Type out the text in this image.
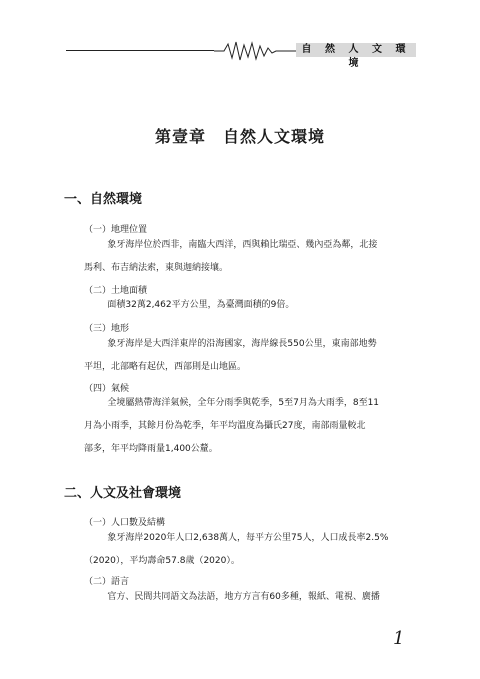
自 然 人 文 環 境
第壹章　自然人文環境
一、自然環境
（一）地理位置

象牙海岸位於西非，南臨大西洋，西與賴比瑞亞、幾內亞為鄰，北接
馬利、布吉納法索，東與迦納接壤。

（二）土地面積

面積32萬2,462平方公里，為臺灣面積的9倍。

（三）地形

象牙海岸是大西洋東岸的沿海國家，海岸線長550公里，東南部地勢
平坦，北部略有起伏，西部則是山地區。

（四）氣候

全境屬熱帶海洋氣候，全年分雨季與乾季，5至7月為大雨季，8至11
月為小雨季，其餘月份為乾季，年平均溫度為攝氏27度，南部雨量較北
部多，年平均降雨量1,400公釐。

二、人文及社會環境
（一）人口數及結構

象牙海岸2020年人口2,638萬人，每平方公里75人，人口成長率2.5%
（2020），平均壽命57.8歲（2020）。

（二）語言

官方、民間共同語文為法語，地方方言有60多種，報紙、電視、廣播

1
